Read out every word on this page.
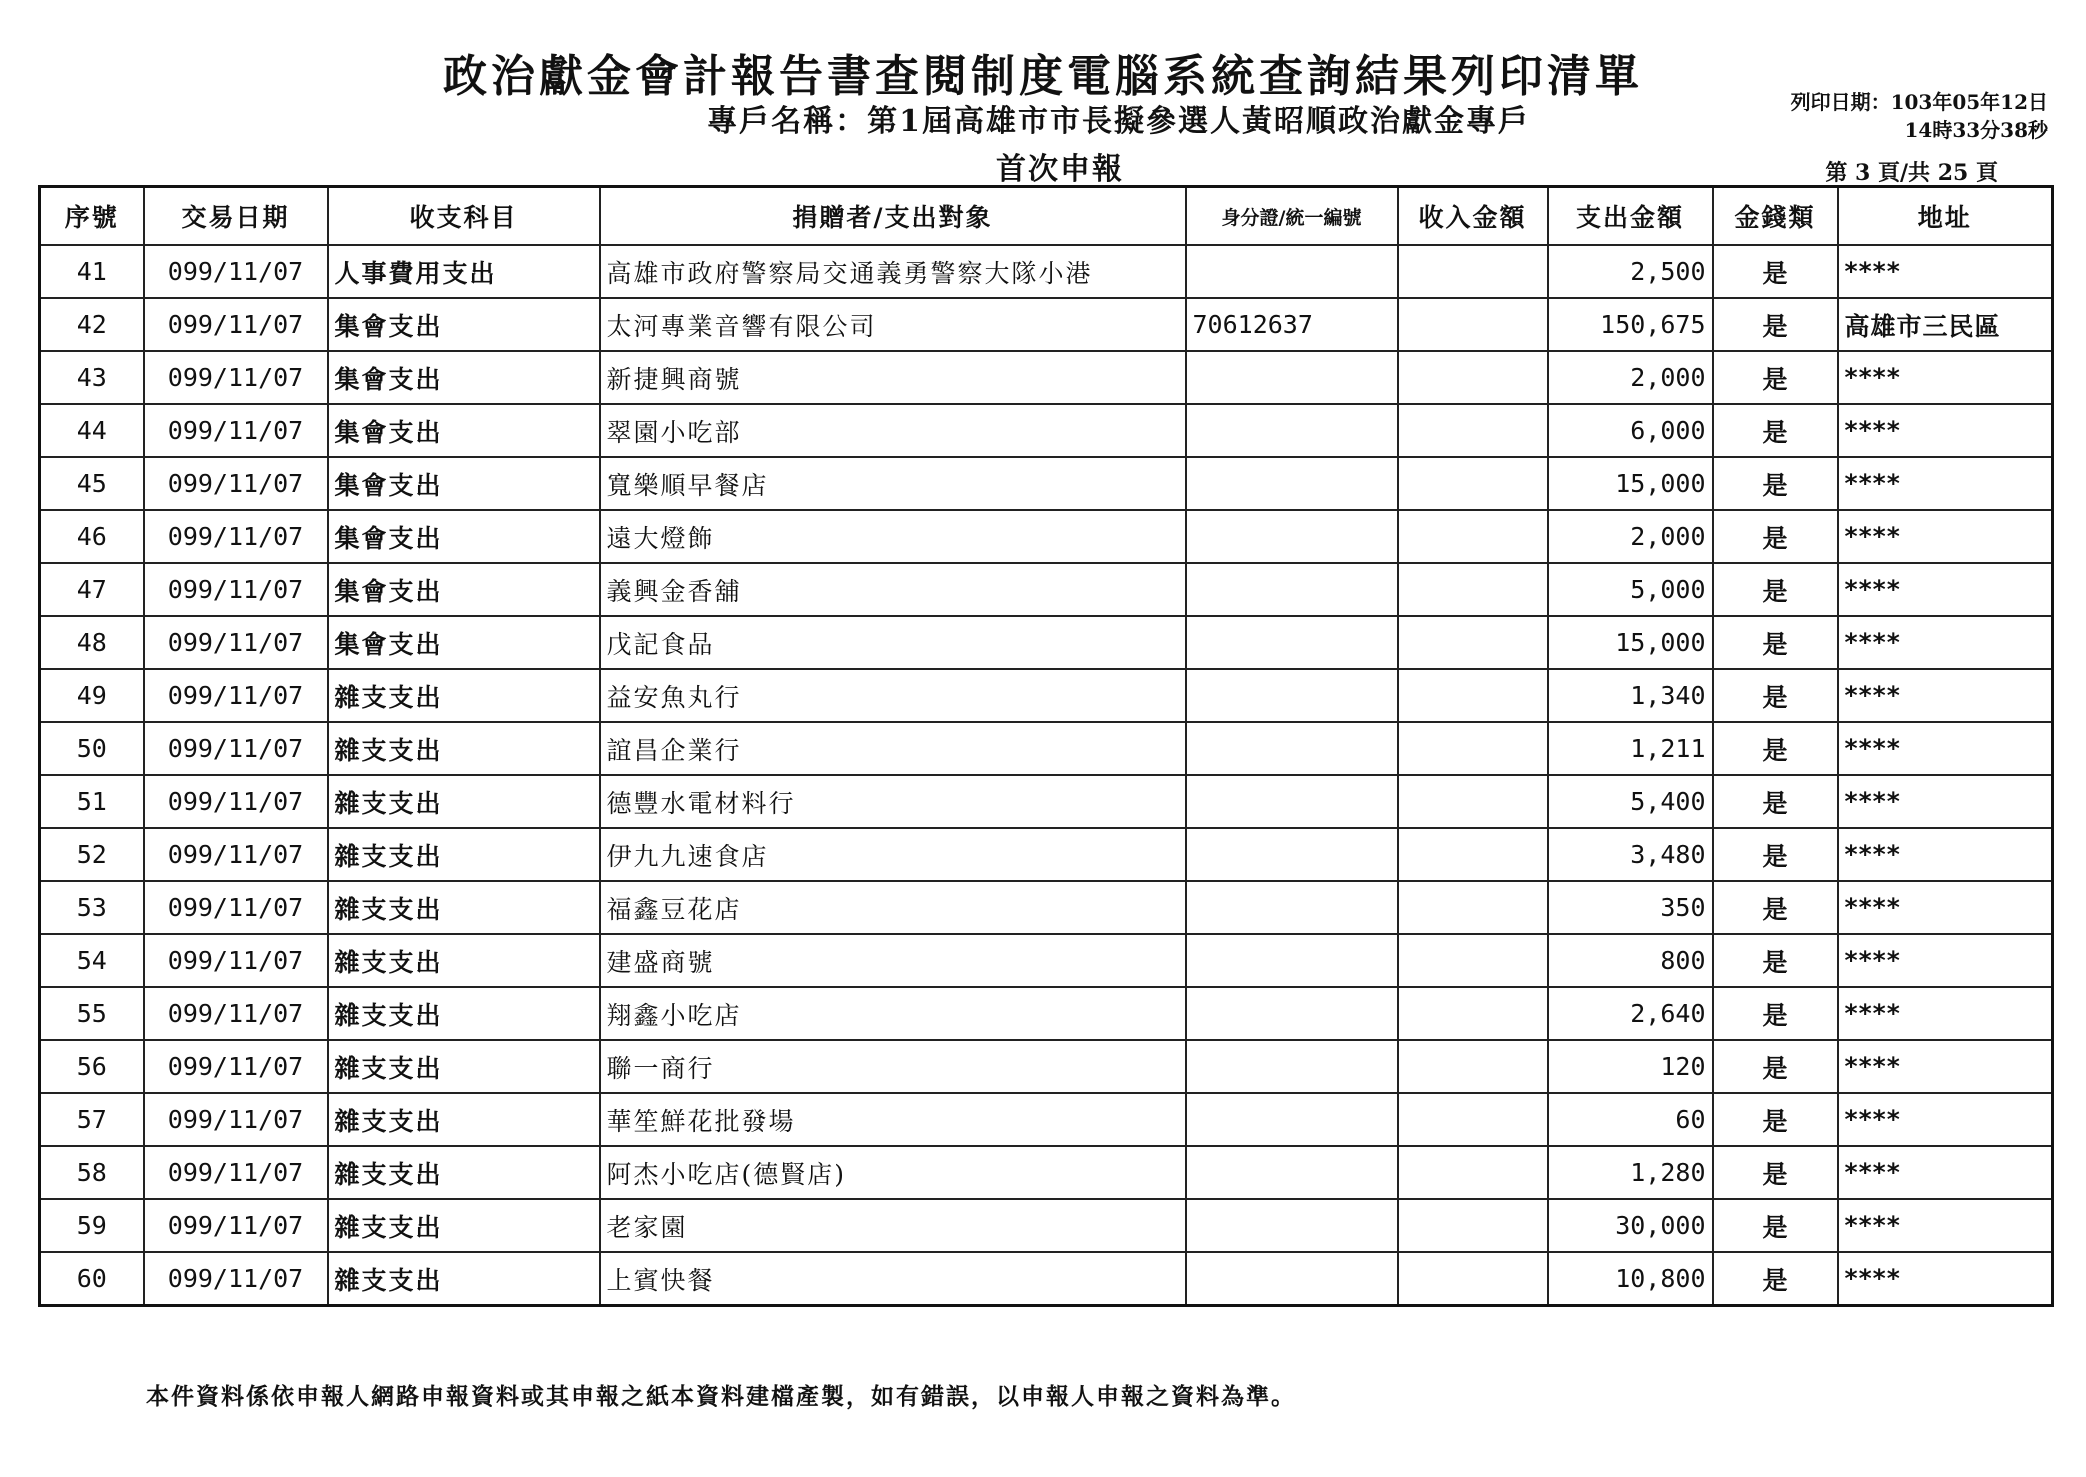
政治獻金會計報告書查閱制度電腦系統查詢結果列印清單
專戶名稱：第1屆高雄市市長擬參選人黃昭順政治獻金專戶
首次申報
列印日期：103年05年12日
14時33分38秒
第 3 頁/共 25 頁
序號	交易日期	收支科目	捐贈者/支出對象	身分證/統一編號	收入金額	支出金額	金錢類	地址
41	099/11/07	人事費用支出	高雄市政府警察局交通義勇警察大隊小港			2,500	是	****
42	099/11/07	集會支出	太河專業音響有限公司	70612637		150,675	是	高雄市三民區
43	099/11/07	集會支出	新捷興商號			2,000	是	****
44	099/11/07	集會支出	翠園小吃部			6,000	是	****
45	099/11/07	集會支出	寬樂順早餐店			15,000	是	****
46	099/11/07	集會支出	遠大燈飾			2,000	是	****
47	099/11/07	集會支出	義興金香舖			5,000	是	****
48	099/11/07	集會支出	戊記食品			15,000	是	****
49	099/11/07	雜支支出	益安魚丸行			1,340	是	****
50	099/11/07	雜支支出	誼昌企業行			1,211	是	****
51	099/11/07	雜支支出	德豐水電材料行			5,400	是	****
52	099/11/07	雜支支出	伊九九速食店			3,480	是	****
53	099/11/07	雜支支出	福鑫豆花店			350	是	****
54	099/11/07	雜支支出	建盛商號			800	是	****
55	099/11/07	雜支支出	翔鑫小吃店			2,640	是	****
56	099/11/07	雜支支出	聯一商行			120	是	****
57	099/11/07	雜支支出	華笙鮮花批發場			60	是	****
58	099/11/07	雜支支出	阿杰小吃店(德賢店)			1,280	是	****
59	099/11/07	雜支支出	老家園			30,000	是	****
60	099/11/07	雜支支出	上賓快餐			10,800	是	****
本件資料係依申報人網路申報資料或其申報之紙本資料建檔產製，如有錯誤，以申報人申報之資料為準。
